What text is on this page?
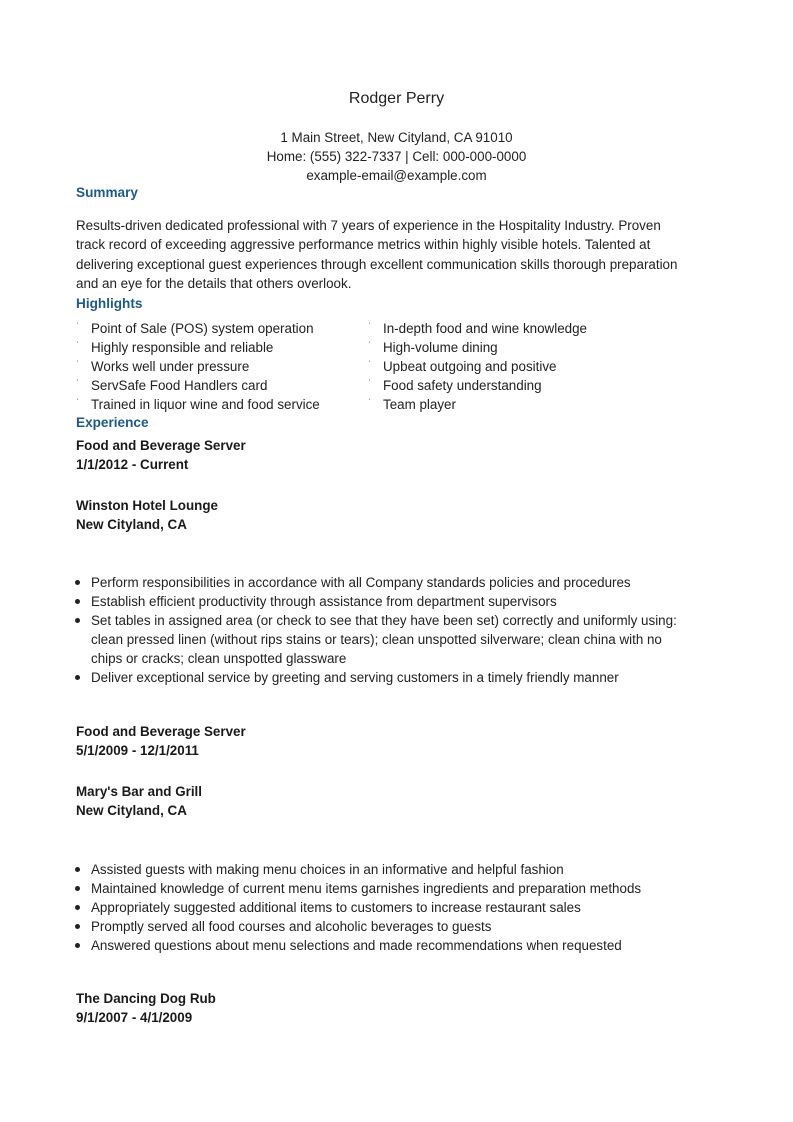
Rodger Perry
1 Main Street, New Cityland, CA 91010
Home: (555) 322-7337 | Cell: 000-000-0000
example-email@example.com
Summary
Results-driven dedicated professional with 7 years of experience in the Hospitality Industry. Proven
track record of exceeding aggressive performance metrics within highly visible hotels. Talented at
delivering exceptional guest experiences through excellent communication skills thorough preparation
and an eye for the details that others overlook.
Highlights
ˈ
ˈ
ˈ
ˈ
ˈ
Point of Sale (POS) system operation
Highly responsible and reliable
Works well under pressure
ServSafe Food Handlers card
Trained in liquor wine and food service
ˈ
ˈ
ˈ
ˈ
ˈ
In-depth food and wine knowledge
High-volume dining
Upbeat outgoing and positive
Food safety understanding
Team player
Experience
Food and Beverage Server
1/1/2012 - Current
Winston Hotel Lounge
New Cityland, CA
Perform responsibilities in accordance with all Company standards policies and procedures
Establish efficient productivity through assistance from department supervisors
Set tables in assigned area (or check to see that they have been set) correctly and uniformly using:
clean pressed linen (without rips stains or tears); clean unspotted silverware; clean china with no
chips or cracks; clean unspotted glassware
Deliver exceptional service by greeting and serving customers in a timely friendly manner
Food and Beverage Server
5/1/2009 - 12/1/2011
Mary's Bar and Grill
New Cityland, CA
Assisted guests with making menu choices in an informative and helpful fashion
Maintained knowledge of current menu items garnishes ingredients and preparation methods
Appropriately suggested additional items to customers to increase restaurant sales
Promptly served all food courses and alcoholic beverages to guests
Answered questions about menu selections and made recommendations when requested
The Dancing Dog Rub
9/1/2007 - 4/1/2009
